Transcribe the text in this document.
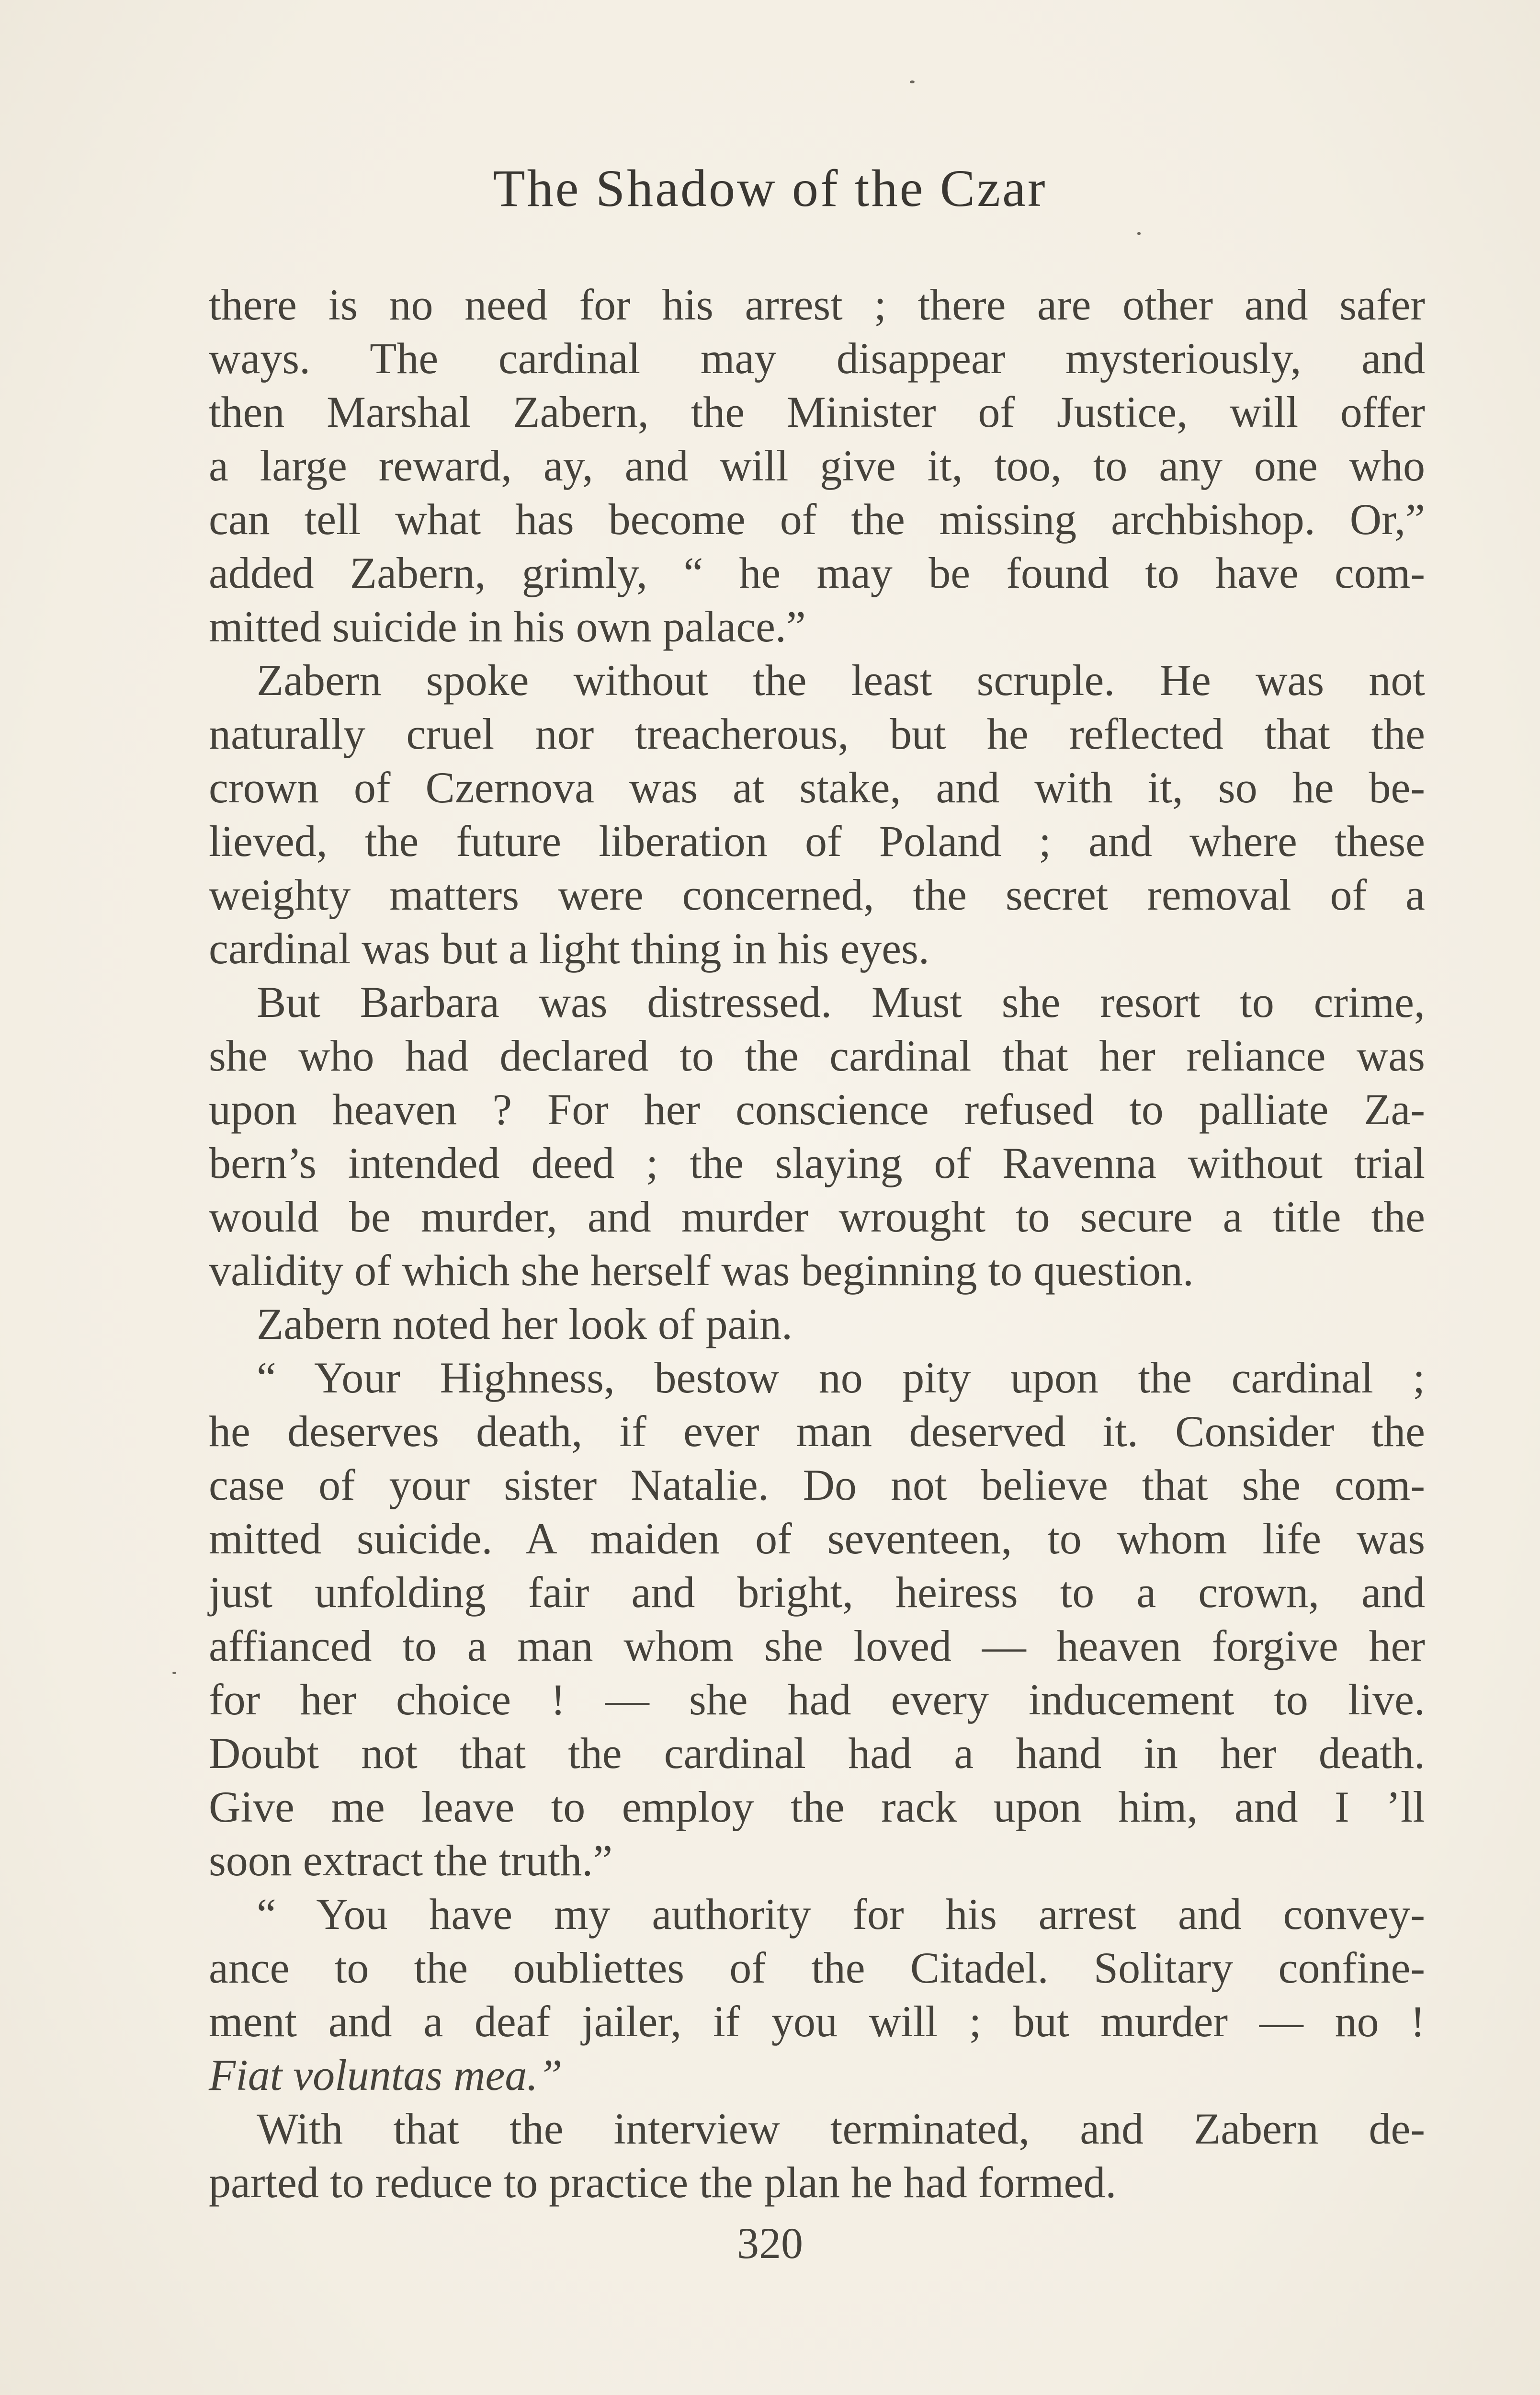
The Shadow of the Czar
there is no need for his arrest ; there are other and safer
ways. The cardinal may disappear mysteriously, and
then Marshal Zabern, the Minister of Justice, will offer
a large reward, ay, and will give it, too, to any one who
can tell what has become of the missing archbishop. Or,”
added Zabern, grimly, “ he may be found to have com-
mitted suicide in his own palace.”
Zabern spoke without the least scruple. He was not
naturally cruel nor treacherous, but he reflected that the
crown of Czernova was at stake, and with it, so he be-
lieved, the future liberation of Poland ; and where these
weighty matters were concerned, the secret removal of a
cardinal was but a light thing in his eyes.
But Barbara was distressed. Must she resort to crime,
she who had declared to the cardinal that her reliance was
upon heaven ? For her conscience refused to palliate Za-
bern’s intended deed ; the slaying of Ravenna without trial
would be murder, and murder wrought to secure a title the
validity of which she herself was beginning to question.
Zabern noted her look of pain.
“ Your Highness, bestow no pity upon the cardinal ;
he deserves death, if ever man deserved it. Consider the
case of your sister Natalie. Do not believe that she com-
mitted suicide. A maiden of seventeen, to whom life was
just unfolding fair and bright, heiress to a crown, and
affianced to a man whom she loved — heaven forgive her
for her choice ! — she had every inducement to live.
Doubt not that the cardinal had a hand in her death.
Give me leave to employ the rack upon him, and I ’ll
soon extract the truth.”
“ You have my authority for his arrest and convey-
ance to the oubliettes of the Citadel. Solitary confine-
ment and a deaf jailer, if you will ; but murder — no !
Fiat voluntas mea.”
With that the interview terminated, and Zabern de-
parted to reduce to practice the plan he had formed.
320
